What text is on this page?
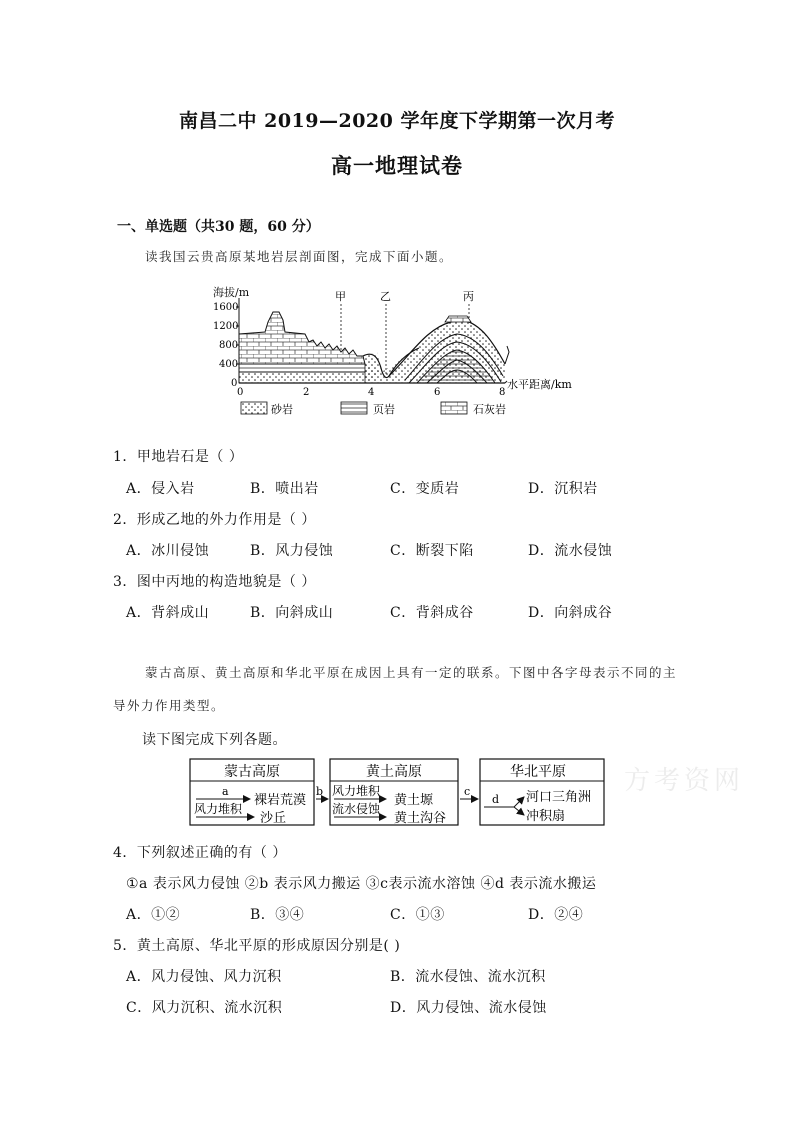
南昌二中 2019—2020 学年度下学期第一次月考
高一地理试卷
一、单选题（共30 题，60 分）
读我国云贵高原某地岩层剖面图，完成下面小题。
海拔/m
1600
1200
800
400
0
甲	乙	丙
0	2	4	6	8
水平距离/km
砂岩	页岩	石灰岩
1．甲地岩石是（ ）
A．侵入岩	B．喷出岩	C．变质岩	D．沉积岩
2．形成乙地的外力作用是（ ）
A．冰川侵蚀	B．风力侵蚀	C．断裂下陷	D．流水侵蚀
3．图中丙地的构造地貌是（ ）
A．背斜成山	B．向斜成山	C．背斜成谷	D．向斜成谷
蒙古高原、黄土高原和华北平原在成因上具有一定的联系。下图中各字母表示不同的主
导外力作用类型。
读下图完成下列各题。
方考资网
蒙古高原
a
裸岩荒漠
风力堆积
沙丘
b
黄土高原
风力堆积
黄土塬
流水侵蚀
黄土沟谷
c
华北平原
d 河口三角洲
冲积扇
4．下列叙述正确的有（ ）
①a 表示风力侵蚀 ②b 表示风力搬运 ③c表示流水溶蚀 ④d 表示流水搬运
A．①②	B．③④	C．①③	D．②④
5．黄土高原、华北平原的形成原因分别是( )
A．风力侵蚀、风力沉积	B．流水侵蚀、流水沉积
C．风力沉积、流水沉积	D．风力侵蚀、流水侵蚀
